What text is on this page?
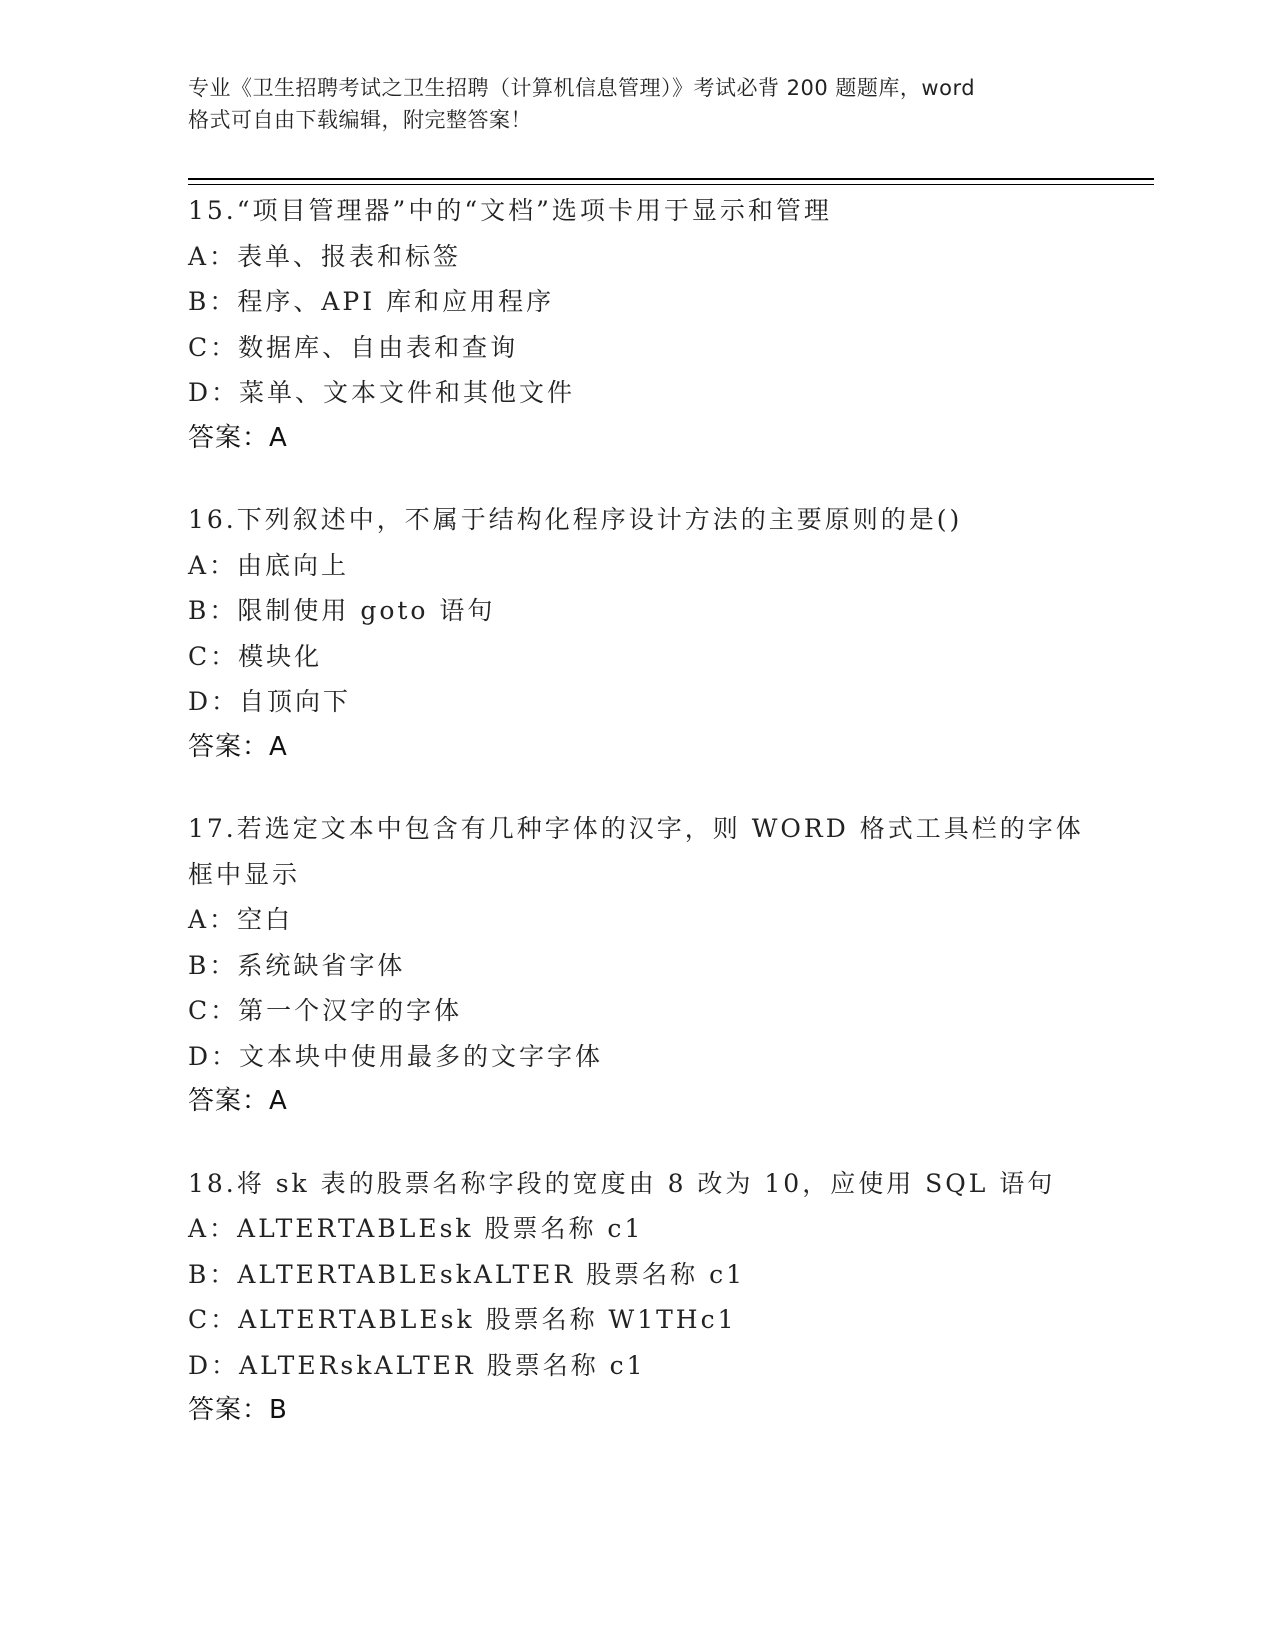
专业《卫生招聘考试之卫生招聘（计算机信息管理）》考试必背 200 题题库，word
格式可自由下载编辑，附完整答案！
15.“项目管理器”中的“文档”选项卡用于显示和管理
A：表单、报表和标签
B：程序、API 库和应用程序
C：数据库、自由表和查询
D：菜单、文本文件和其他文件
答案：A
16.下列叙述中，不属于结构化程序设计方法的主要原则的是()
A：由底向上
B：限制使用 goto 语句
C：模块化
D：自顶向下
答案：A
17.若选定文本中包含有几种字体的汉字，则 WORD 格式工具栏的字体
框中显示
A：空白
B：系统缺省字体
C：第一个汉字的字体
D：文本块中使用最多的文字字体
答案：A
18.将 sk 表的股票名称字段的宽度由 8 改为 10，应使用 SQL 语句
A：ALTERTABLEsk 股票名称 c1
B：ALTERTABLEskALTER 股票名称 c1
C：ALTERTABLEsk 股票名称 W1THc1
D：ALTERskALTER 股票名称 c1
答案：B
